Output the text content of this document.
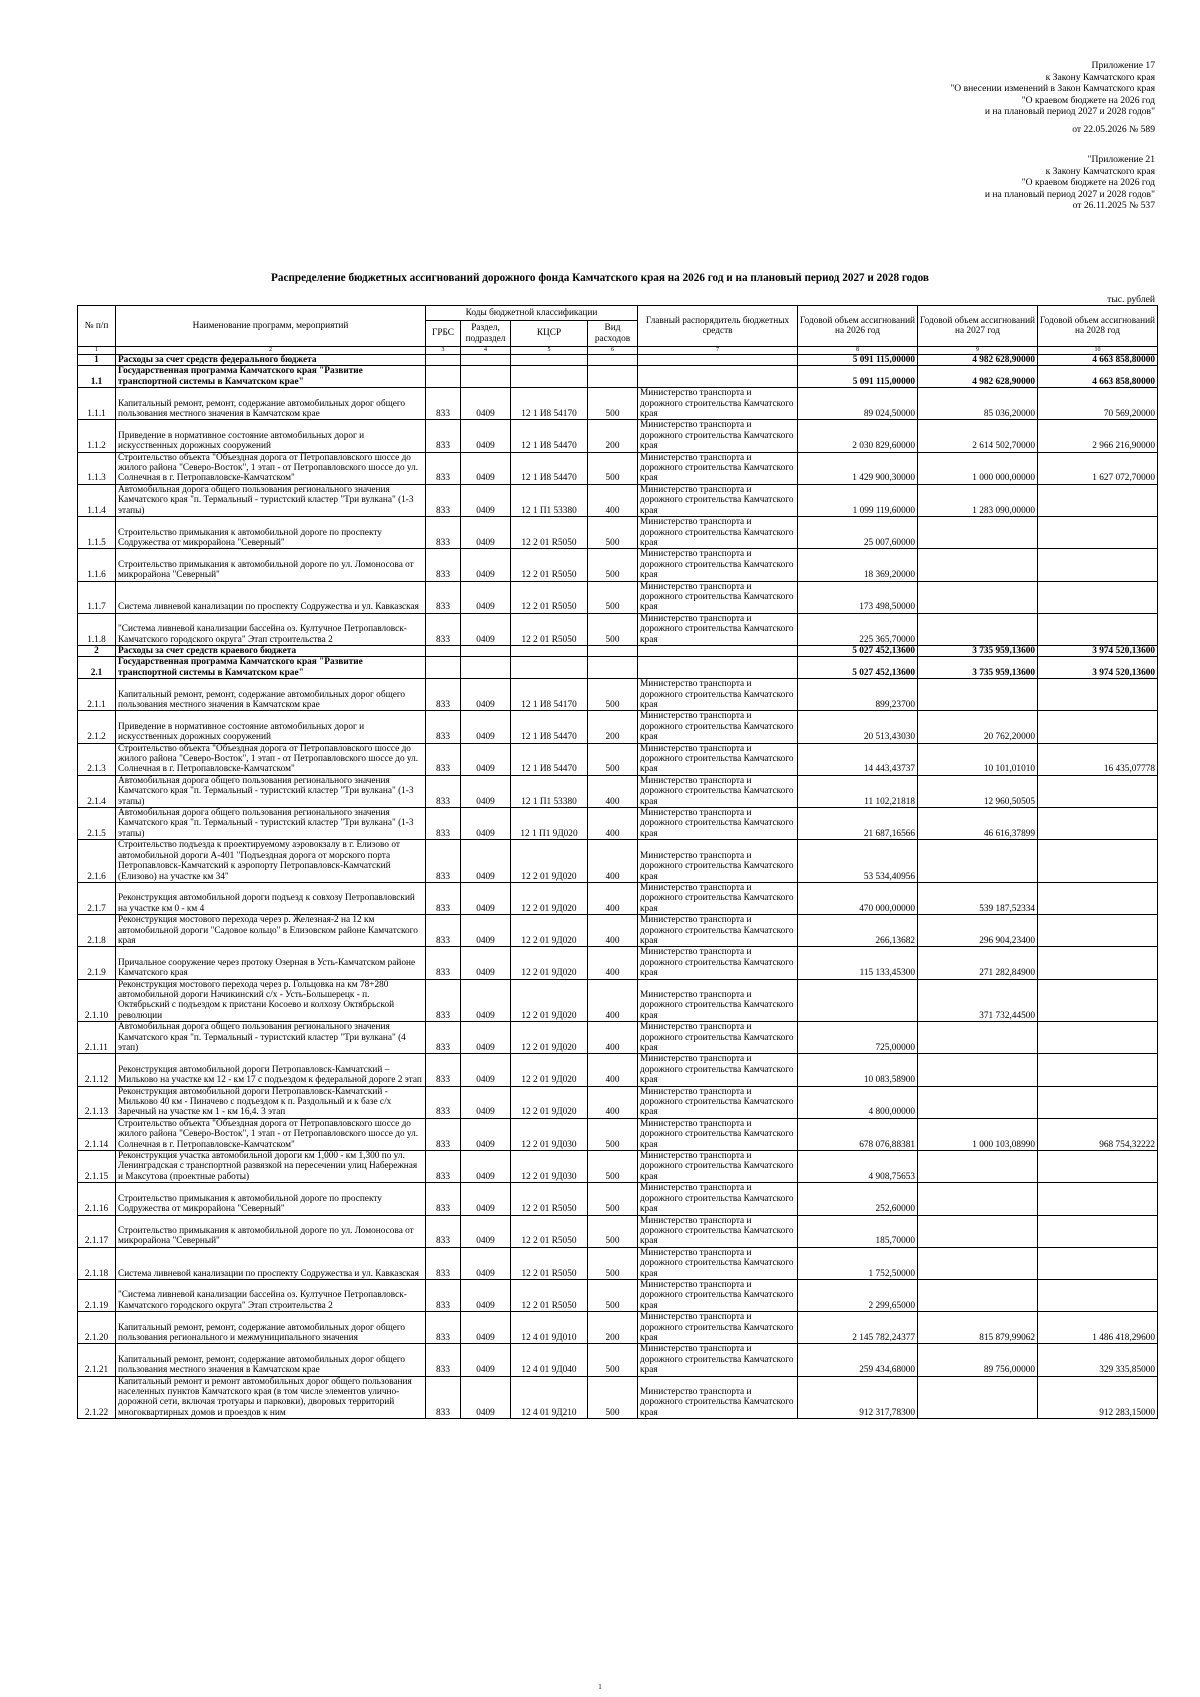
Приложение 17
к Закону Камчатского края
"О внесении изменений в Закон Камчатского края
"О краевом бюджете на 2026 год
и на плановый период 2027 и 2028 годов"
от 22.05.2026 № 589
"Приложение 21
к Закону Камчатского края
"О краевом бюджете на 2026 год
и на плановый период 2027 и 2028 годов"
от 26.11.2025 № 537
Распределение бюджетных ассигнований дорожного фонда Камчатского края на 2026 год и на плановый период 2027 и 2028 годов
тыс. рублей
№ п/п	Наименование программ, мероприятий	Коды бюджетной классификации				Главный распорядитель бюджетных средств	Годовой объем ассигнований на 2026 год	Годовой объем ассигнований на 2027 год	Годовой объем ассигнований на 2028 год
		ГРБС	Раздел, подраздел	КЦСР	Вид расходов				
1	2	3	4	5	6	7	8	9	10
1	Расходы за счет средств федерального бюджета						5 091 115,00000	4 982 628,90000	4 663 858,80000
1.1	Государственная программа Камчатского края "Развитие транспортной системы в Камчатском крае"						5 091 115,00000	4 982 628,90000	4 663 858,80000
1.1.1	Капитальный ремонт, ремонт, содержание автомобильных дорог общего пользования местного значения в Камчатском крае	833	0409	12 1 И8 54170	500	Министерство транспорта и дорожного строительства Камчатского края	89 024,50000	85 036,20000	70 569,20000
1.1.2	Приведение в нормативное состояние автомобильных дорог и искусственных дорожных сооружений	833	0409	12 1 И8 54470	200	Министерство транспорта и дорожного строительства Камчатского края	2 030 829,60000	2 614 502,70000	2 966 216,90000
1.1.3	Строительство объекта "Объездная дорога от Петропавловского шоссе до жилого района "Северо-Восток", 1 этап - от Петропавловского шоссе до ул. Солнечная в г. Петропавловске-Камчатском"	833	0409	12 1 И8 54470	500	Министерство транспорта и дорожного строительства Камчатского края	1 429 900,30000	1 000 000,00000	1 627 072,70000
1.1.4	Автомобильная дорога общего пользования регионального значения Камчатского края "п. Термальный - туристский кластер "Три вулкана" (1-3 этапы)	833	0409	12 1 П1 53380	400	Министерство транспорта и дорожного строительства Камчатского края	1 099 119,60000	1 283 090,00000	
1.1.5	Строительство примыкания к автомобильной дороге по проспекту Содружества от микрорайона "Северный"	833	0409	12 2 01 R5050	500	Министерство транспорта и дорожного строительства Камчатского края	25 007,60000		
1.1.6	Строительство примыкания к автомобильной дороге по ул. Ломоносова от микрорайона "Северный"	833	0409	12 2 01 R5050	500	Министерство транспорта и дорожного строительства Камчатского края	18 369,20000		
1.1.7	Система ливневой канализации по проспекту Содружества и ул. Кавказская	833	0409	12 2 01 R5050	500	Министерство транспорта и дорожного строительства Камчатского края	173 498,50000		
1.1.8	"Система ливневой канализации бассейна оз. Култучное Петропавловск-Камчатского городского округа" Этап строительства 2	833	0409	12 2 01 R5050	500	Министерство транспорта и дорожного строительства Камчатского края	225 365,70000		
2	Расходы за счет средств краевого бюджета						5 027 452,13600	3 735 959,13600	3 974 520,13600
2.1	Государственная программа Камчатского края "Развитие транспортной системы в Камчатском крае"						5 027 452,13600	3 735 959,13600	3 974 520,13600
2.1.1	Капитальный ремонт, ремонт, содержание автомобильных дорог общего пользования местного значения в Камчатском крае	833	0409	12 1 И8 54170	500	Министерство транспорта и дорожного строительства Камчатского края	899,23700		
2.1.2	Приведение в нормативное состояние автомобильных дорог и искусственных дорожных сооружений	833	0409	12 1 И8 54470	200	Министерство транспорта и дорожного строительства Камчатского края	20 513,43030	20 762,20000	
2.1.3	Строительство объекта "Объездная дорога от Петропавловского шоссе до жилого района "Северо-Восток", 1 этап - от Петропавловского шоссе до ул. Солнечная в г. Петропавловске-Камчатском"	833	0409	12 1 И8 54470	500	Министерство транспорта и дорожного строительства Камчатского края	14 443,43737	10 101,01010	16 435,07778
2.1.4	Автомобильная дорога общего пользования регионального значения Камчатского края "п. Термальный - туристский кластер "Три вулкана" (1-3 этапы)	833	0409	12 1 П1 53380	400	Министерство транспорта и дорожного строительства Камчатского края	11 102,21818	12 960,50505	
2.1.5	Автомобильная дорога общего пользования регионального значения Камчатского края "п. Термальный - туристский кластер "Три вулкана" (1-3 этапы)	833	0409	12 1 П1 9Д020	400	Министерство транспорта и дорожного строительства Камчатского края	21 687,16566	46 616,37899	
2.1.6	Строительство подъезда к проектируемому аэровокзалу в г. Елизово от автомобильной дороги А-401 "Подъездная дорога от морского порта Петропавловск-Камчатский к аэропорту Петропавловск-Камчатский (Елизово) на участке км 34"	833	0409	12 2 01 9Д020	400	Министерство транспорта и дорожного строительства Камчатского края	53 534,40956		
2.1.7	Реконструкция автомобильной дороги подъезд к совхозу Петропавловский на участке км 0 - км 4	833	0409	12 2 01 9Д020	400	Министерство транспорта и дорожного строительства Камчатского края	470 000,00000	539 187,52334	
2.1.8	Реконструкция мостового перехода через р. Железная-2 на 12 км автомобильной дороги "Садовое кольцо" в Елизовском районе Камчатского края	833	0409	12 2 01 9Д020	400	Министерство транспорта и дорожного строительства Камчатского края	266,13682	296 904,23400	
2.1.9	Причальное сооружение через протоку Озерная в Усть-Камчатском районе Камчатского края	833	0409	12 2 01 9Д020	400	Министерство транспорта и дорожного строительства Камчатского края	115 133,45300	271 282,84900	
2.1.10	Реконструкция мостового перехода через р. Гольцовка на км 78+280 автомобильной дороги Начикинский с/х - Усть-Большерецк - п. Октябрьский с подъездом к пристани Косоево и колхозу Октябрьской революции	833	0409	12 2 01 9Д020	400	Министерство транспорта и дорожного строительства Камчатского края		371 732,44500	
2.1.11	Автомобильная дорога общего пользования регионального значения Камчатского края "п. Термальный - туристский кластер "Три вулкана" (4 этап)	833	0409	12 2 01 9Д020	400	Министерство транспорта и дорожного строительства Камчатского края	725,00000		
2.1.12	Реконструкция автомобильной дороги Петропавловск-Камчатский – Мильково на участке км 12 - км 17 с подъездом к федеральной дороге 2 этап	833	0409	12 2 01 9Д020	400	Министерство транспорта и дорожного строительства Камчатского края	10 083,58900		
2.1.13	Реконструкция автомобильной дороги Петропавловск-Камчатский - Мильково 40 км - Пиначево с подъездом к п. Раздольный и к базе с/х Заречный на участке км 1 - км 16,4. 3 этап	833	0409	12 2 01 9Д020	400	Министерство транспорта и дорожного строительства Камчатского края	4 800,00000		
2.1.14	Строительство объекта "Объездная дорога от Петропавловского шоссе до жилого района "Северо-Восток", 1 этап - от Петропавловского шоссе до ул. Солнечная в г. Петропавловске-Камчатском"	833	0409	12 2 01 9Д030	500	Министерство транспорта и дорожного строительства Камчатского края	678 076,88381	1 000 103,08990	968 754,32222
2.1.15	Реконструкция участка автомобильной дороги км 1,000 - км 1,300 по ул. Ленинградская с транспортной развязкой на пересечении улиц Набережная и Максутова (проектные работы)	833	0409	12 2 01 9Д030	500	Министерство транспорта и дорожного строительства Камчатского края	4 908,75653		
2.1.16	Строительство примыкания к автомобильной дороге по проспекту Содружества от микрорайона "Северный"	833	0409	12 2 01 R5050	500	Министерство транспорта и дорожного строительства Камчатского края	252,60000		
2.1.17	Строительство примыкания к автомобильной дороге по ул. Ломоносова от микрорайона "Северный"	833	0409	12 2 01 R5050	500	Министерство транспорта и дорожного строительства Камчатского края	185,70000		
2.1.18	Система ливневой канализации по проспекту Содружества и ул. Кавказская	833	0409	12 2 01 R5050	500	Министерство транспорта и дорожного строительства Камчатского края	1 752,50000		
2.1.19	"Система ливневой канализации бассейна оз. Култучное Петропавловск-Камчатского городского округа" Этап строительства 2	833	0409	12 2 01 R5050	500	Министерство транспорта и дорожного строительства Камчатского края	2 299,65000		
2.1.20	Капитальный ремонт, ремонт, содержание автомобильных дорог общего пользования регионального и межмуниципального значения	833	0409	12 4 01 9Д010	200	Министерство транспорта и дорожного строительства Камчатского края	2 145 782,24377	815 879,99062	1 486 418,29600
2.1.21	Капитальный ремонт, ремонт, содержание автомобильных дорог общего пользования местного значения в Камчатском крае	833	0409	12 4 01 9Д040	500	Министерство транспорта и дорожного строительства Камчатского края	259 434,68000	89 756,00000	329 335,85000
2.1.22	Капитальный ремонт и ремонт автомобильных дорог общего пользования населенных пунктов Камчатского края (в том числе элементов улично-дорожной сети, включая тротуары и парковки), дворовых территорий многоквартирных домов и проездов к ним	833	0409	12 4 01 9Д210	500	Министерство транспорта и дорожного строительства Камчатского края	912 317,78300		912 283,15000
1
